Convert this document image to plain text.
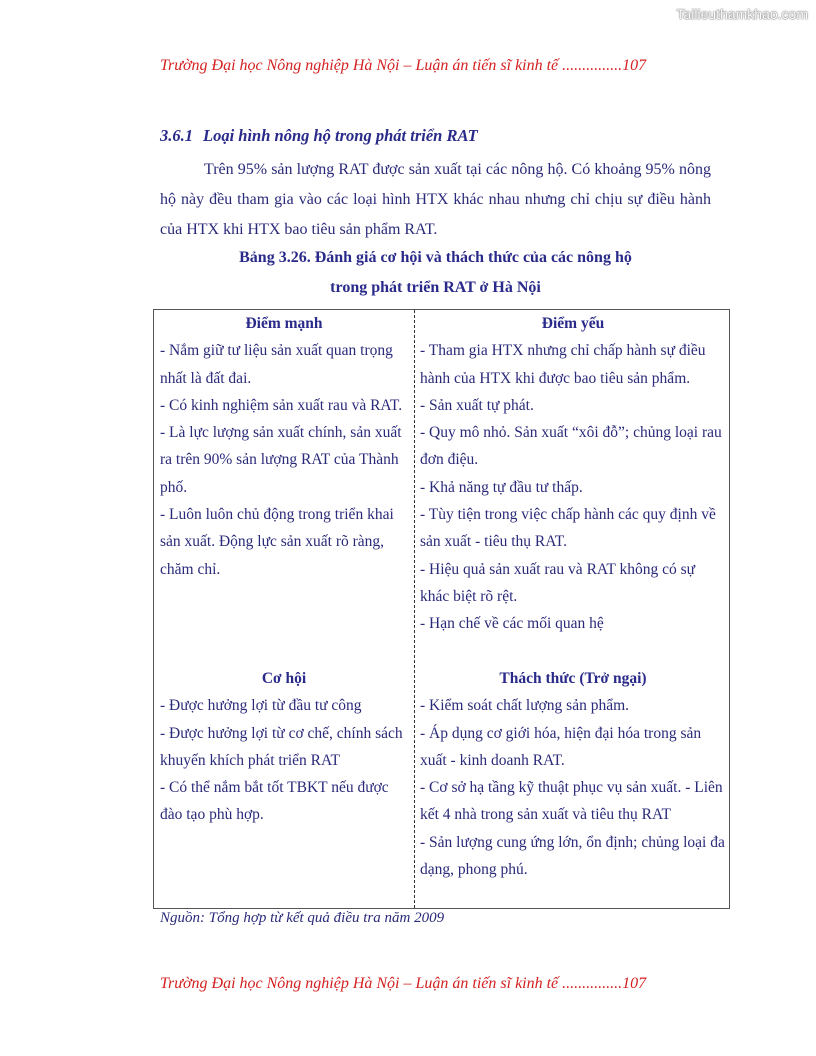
Tailieuthamkhao.com
Trường Đại học Nông nghiệp Hà Nội – Luận án tiến sĩ kinh tế ...............107
3.6.1 Loại hình nông hộ trong phát triển RAT
Trên 95% sản lượng RAT được sản xuất tại các nông hộ. Có khoảng 95% nông hộ này đều tham gia vào các loại hình HTX khác nhau nhưng chỉ chịu sự điều hành của HTX khi HTX bao tiêu sản phẩm RAT.
Bảng 3.26. Đánh giá cơ hội và thách thức của các nông hộ
trong phát triển RAT ở Hà Nội
Điểm mạnh
- Nắm giữ tư liệu sản xuất quan trọng nhất là đất đai.
- Có kinh nghiệm sản xuất rau và RAT.
- Là lực lượng sản xuất chính, sản xuất ra trên 90% sản lượng RAT của Thành phố.
- Luôn luôn chủ động trong triển khai sản xuất. Động lực sản xuất rõ ràng, chăm chỉ.
Điểm yếu
- Tham gia HTX nhưng chỉ chấp hành sự điều hành của HTX khi được bao tiêu sản phẩm.
- Sản xuất tự phát.
- Quy mô nhỏ. Sản xuất “xôi đỗ”; chủng loại rau đơn điệu.
- Khả năng tự đầu tư thấp.
- Tùy tiện trong việc chấp hành các quy định về sản xuất - tiêu thụ RAT.
- Hiệu quả sản xuất rau và RAT không có sự khác biệt rõ rệt.
- Hạn chế về các mối quan hệ
Cơ hội
- Được hưởng lợi từ đầu tư công
- Được hưởng lợi từ cơ chế, chính sách khuyến khích phát triển RAT
- Có thể nắm bắt tốt TBKT nếu được đào tạo phù hợp.
Thách thức (Trở ngại)
- Kiểm soát chất lượng sản phẩm.
- Áp dụng cơ giới hóa, hiện đại hóa trong sản xuất - kinh doanh RAT.
- Cơ sở hạ tầng kỹ thuật phục vụ sản xuất. - Liên kết 4 nhà trong sản xuất và tiêu thụ RAT
- Sản lượng cung ứng lớn, ổn định; chủng loại đa dạng, phong phú.
Nguồn: Tổng hợp từ kết quả điều tra năm 2009
Trường Đại học Nông nghiệp Hà Nội – Luận án tiến sĩ kinh tế ...............107
